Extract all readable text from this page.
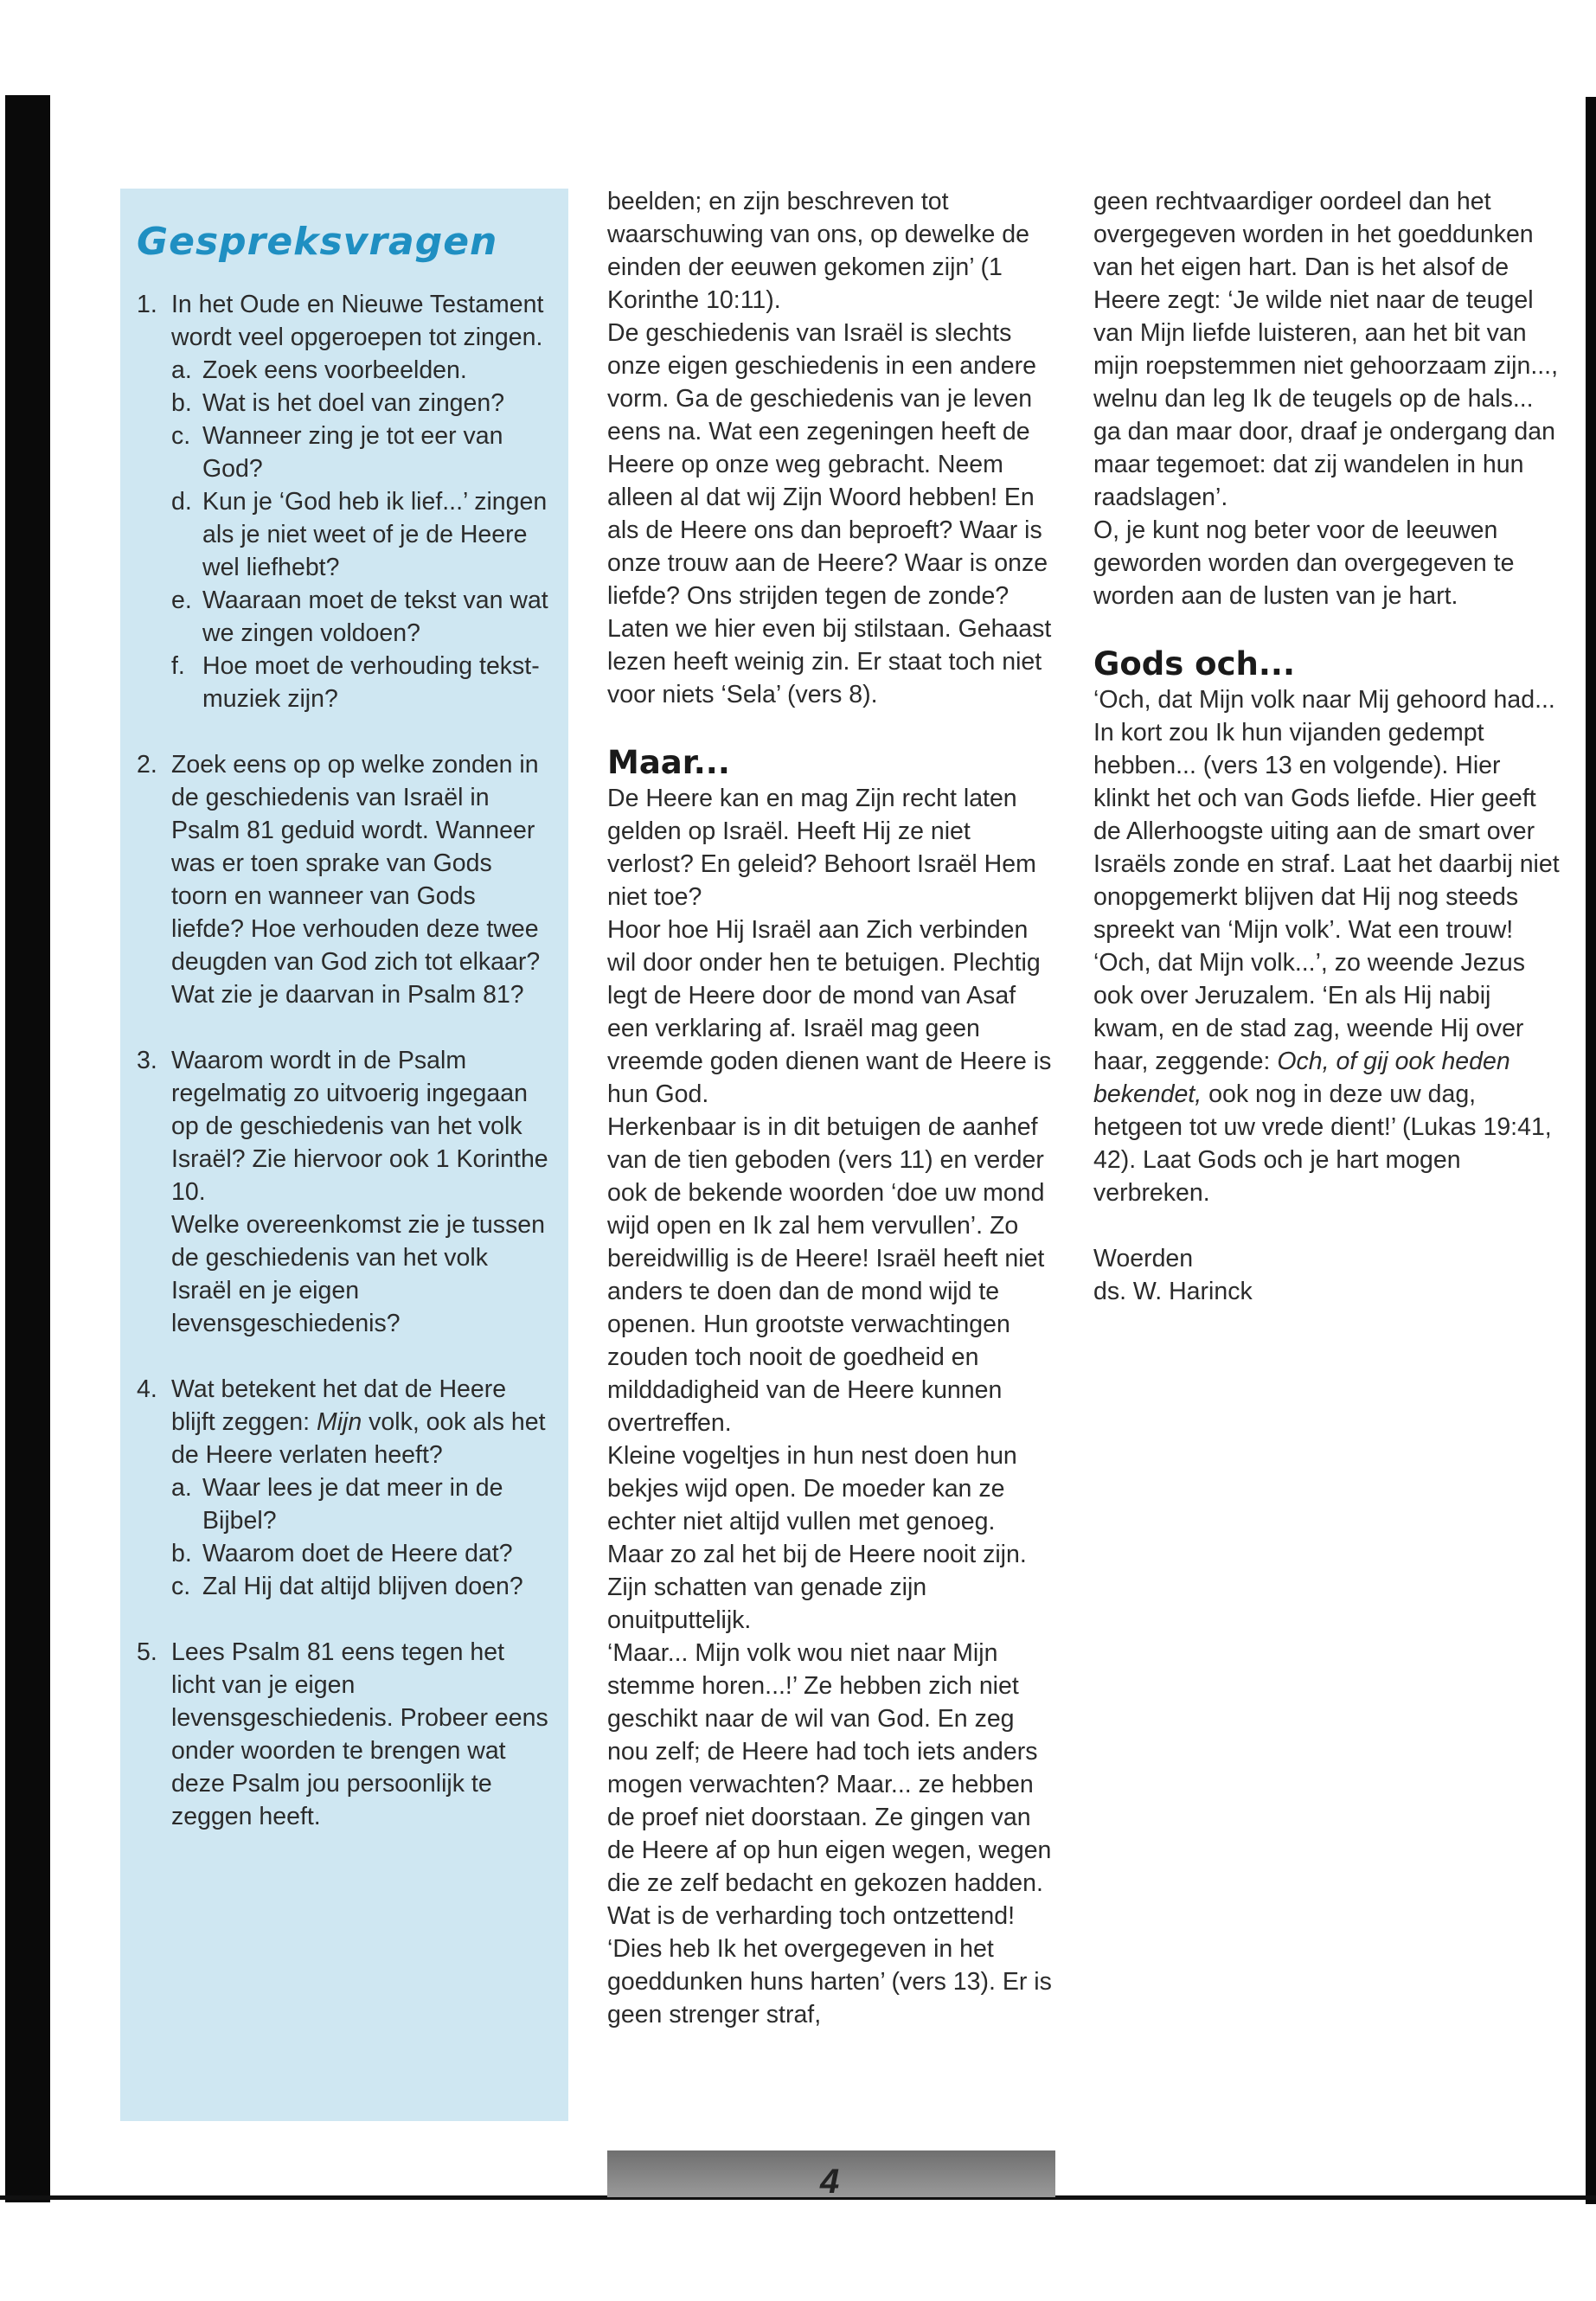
Gespreksvragen
1. In het Oude en Nieuwe Testament wordt veel opgeroepen tot zingen.
a. Zoek eens voorbeelden.
b. Wat is het doel van zingen?
c. Wanneer zing je tot eer van God?
d. Kun je ‘God heb ik lief...’ zingen als je niet weet of je de Heere wel liefhebt?
e. Waaraan moet de tekst van wat we zingen voldoen?
f. Hoe moet de verhouding tekst-muziek zijn?
2. Zoek eens op op welke zonden in de geschiedenis van Israël in Psalm 81 geduid wordt. Wanneer was er toen sprake van Gods toorn en wanneer van Gods liefde? Hoe verhouden deze twee deugden van God zich tot elkaar? Wat zie je daarvan in Psalm 81?
3. Waarom wordt in de Psalm regelmatig zo uitvoerig ingegaan op de geschiedenis van het volk Israël? Zie hiervoor ook 1 Korinthe 10.
Welke overeenkomst zie je tussen de geschiedenis van het volk Israël en je eigen levensgeschiedenis?
4. Wat betekent het dat de Heere blijft zeggen: Mijn volk, ook als het de Heere verlaten heeft?
a. Waar lees je dat meer in de Bijbel?
b. Waarom doet de Heere dat?
c. Zal Hij dat altijd blijven doen?
5. Lees Psalm 81 eens tegen het licht van je eigen levensgeschiedenis. Probeer eens onder woorden te brengen wat deze Psalm jou persoonlijk te zeggen heeft.

beelden; en zijn beschreven tot waarschuwing van ons, op dewelke de einden der eeuwen gekomen zijn’ (1 Korinthe 10:11).

De geschiedenis van Israël is slechts onze eigen geschiedenis in een andere vorm. Ga de geschiedenis van je leven eens na. Wat een zegeningen heeft de Heere op onze weg gebracht. Neem alleen al dat wij Zijn Woord hebben! En als de Heere ons dan beproeft? Waar is onze trouw aan de Heere? Waar is onze liefde? Ons strijden tegen de zonde? Laten we hier even bij stilstaan. Gehaast lezen heeft weinig zin. Er staat toch niet voor niets ‘Sela’ (vers 8).

Maar...

De Heere kan en mag Zijn recht laten gelden op Israël. Heeft Hij ze niet verlost? En geleid? Behoort Israël Hem niet toe?

Hoor hoe Hij Israël aan Zich verbinden wil door onder hen te betuigen. Plechtig legt de Heere door de mond van Asaf een verklaring af. Israël mag geen vreemde goden dienen want de Heere is hun God.

Herkenbaar is in dit betuigen de aanhef van de tien geboden (vers 11) en verder ook de bekende woorden ‘doe uw mond wijd open en Ik zal hem vervullen’. Zo bereidwillig is de Heere! Israël heeft niet anders te doen dan de mond wijd te openen. Hun grootste verwachtingen zouden toch nooit de goedheid en milddadigheid van de Heere kunnen overtreffen.

Kleine vogeltjes in hun nest doen hun bekjes wijd open. De moeder kan ze echter niet altijd vullen met genoeg. Maar zo zal het bij de Heere nooit zijn. Zijn schatten van genade zijn onuitputtelijk.

‘Maar... Mijn volk wou niet naar Mijn stemme horen...!’ Ze hebben zich niet geschikt naar de wil van God. En zeg nou zelf; de Heere had toch iets anders mogen verwachten? Maar... ze hebben de proef niet doorstaan. Ze gingen van de Heere af op hun eigen wegen, wegen die ze zelf bedacht en gekozen hadden. Wat is de verharding toch ontzettend! ‘Dies heb Ik het overgegeven in het goeddunken huns harten’ (vers 13). Er is geen strenger straf,

geen rechtvaardiger oordeel dan het overgegeven worden in het goeddunken van het eigen hart. Dan is het alsof de Heere zegt: ‘Je wilde niet naar de teugel van Mijn liefde luisteren, aan het bit van mijn roepstemmen niet gehoorzaam zijn..., welnu dan leg Ik de teugels op de hals... ga dan maar door, draaf je ondergang dan maar tegemoet: dat zij wandelen in hun raadslagen’.

O, je kunt nog beter voor de leeuwen geworden worden dan overgegeven te worden aan de lusten van je hart.

Gods och...

‘Och, dat Mijn volk naar Mij gehoord had... In kort zou Ik hun vijanden gedempt hebben... (vers 13 en volgende). Hier klinkt het och van Gods liefde. Hier geeft de Allerhoogste uiting aan de smart over Israëls zonde en straf. Laat het daarbij niet onopgemerkt blijven dat Hij nog steeds spreekt van ‘Mijn volk’. Wat een trouw! ‘Och, dat Mijn volk...’, zo weende Jezus ook over Jeruzalem. ‘En als Hij nabij kwam, en de stad zag, weende Hij over haar, zeggende: Och, of gij ook heden bekendet, ook nog in deze uw dag, hetgeen tot uw vrede dient!’ (Lukas 19:41, 42). Laat Gods och je hart mogen verbreken.

Woerden

ds. W. Harinck

4
